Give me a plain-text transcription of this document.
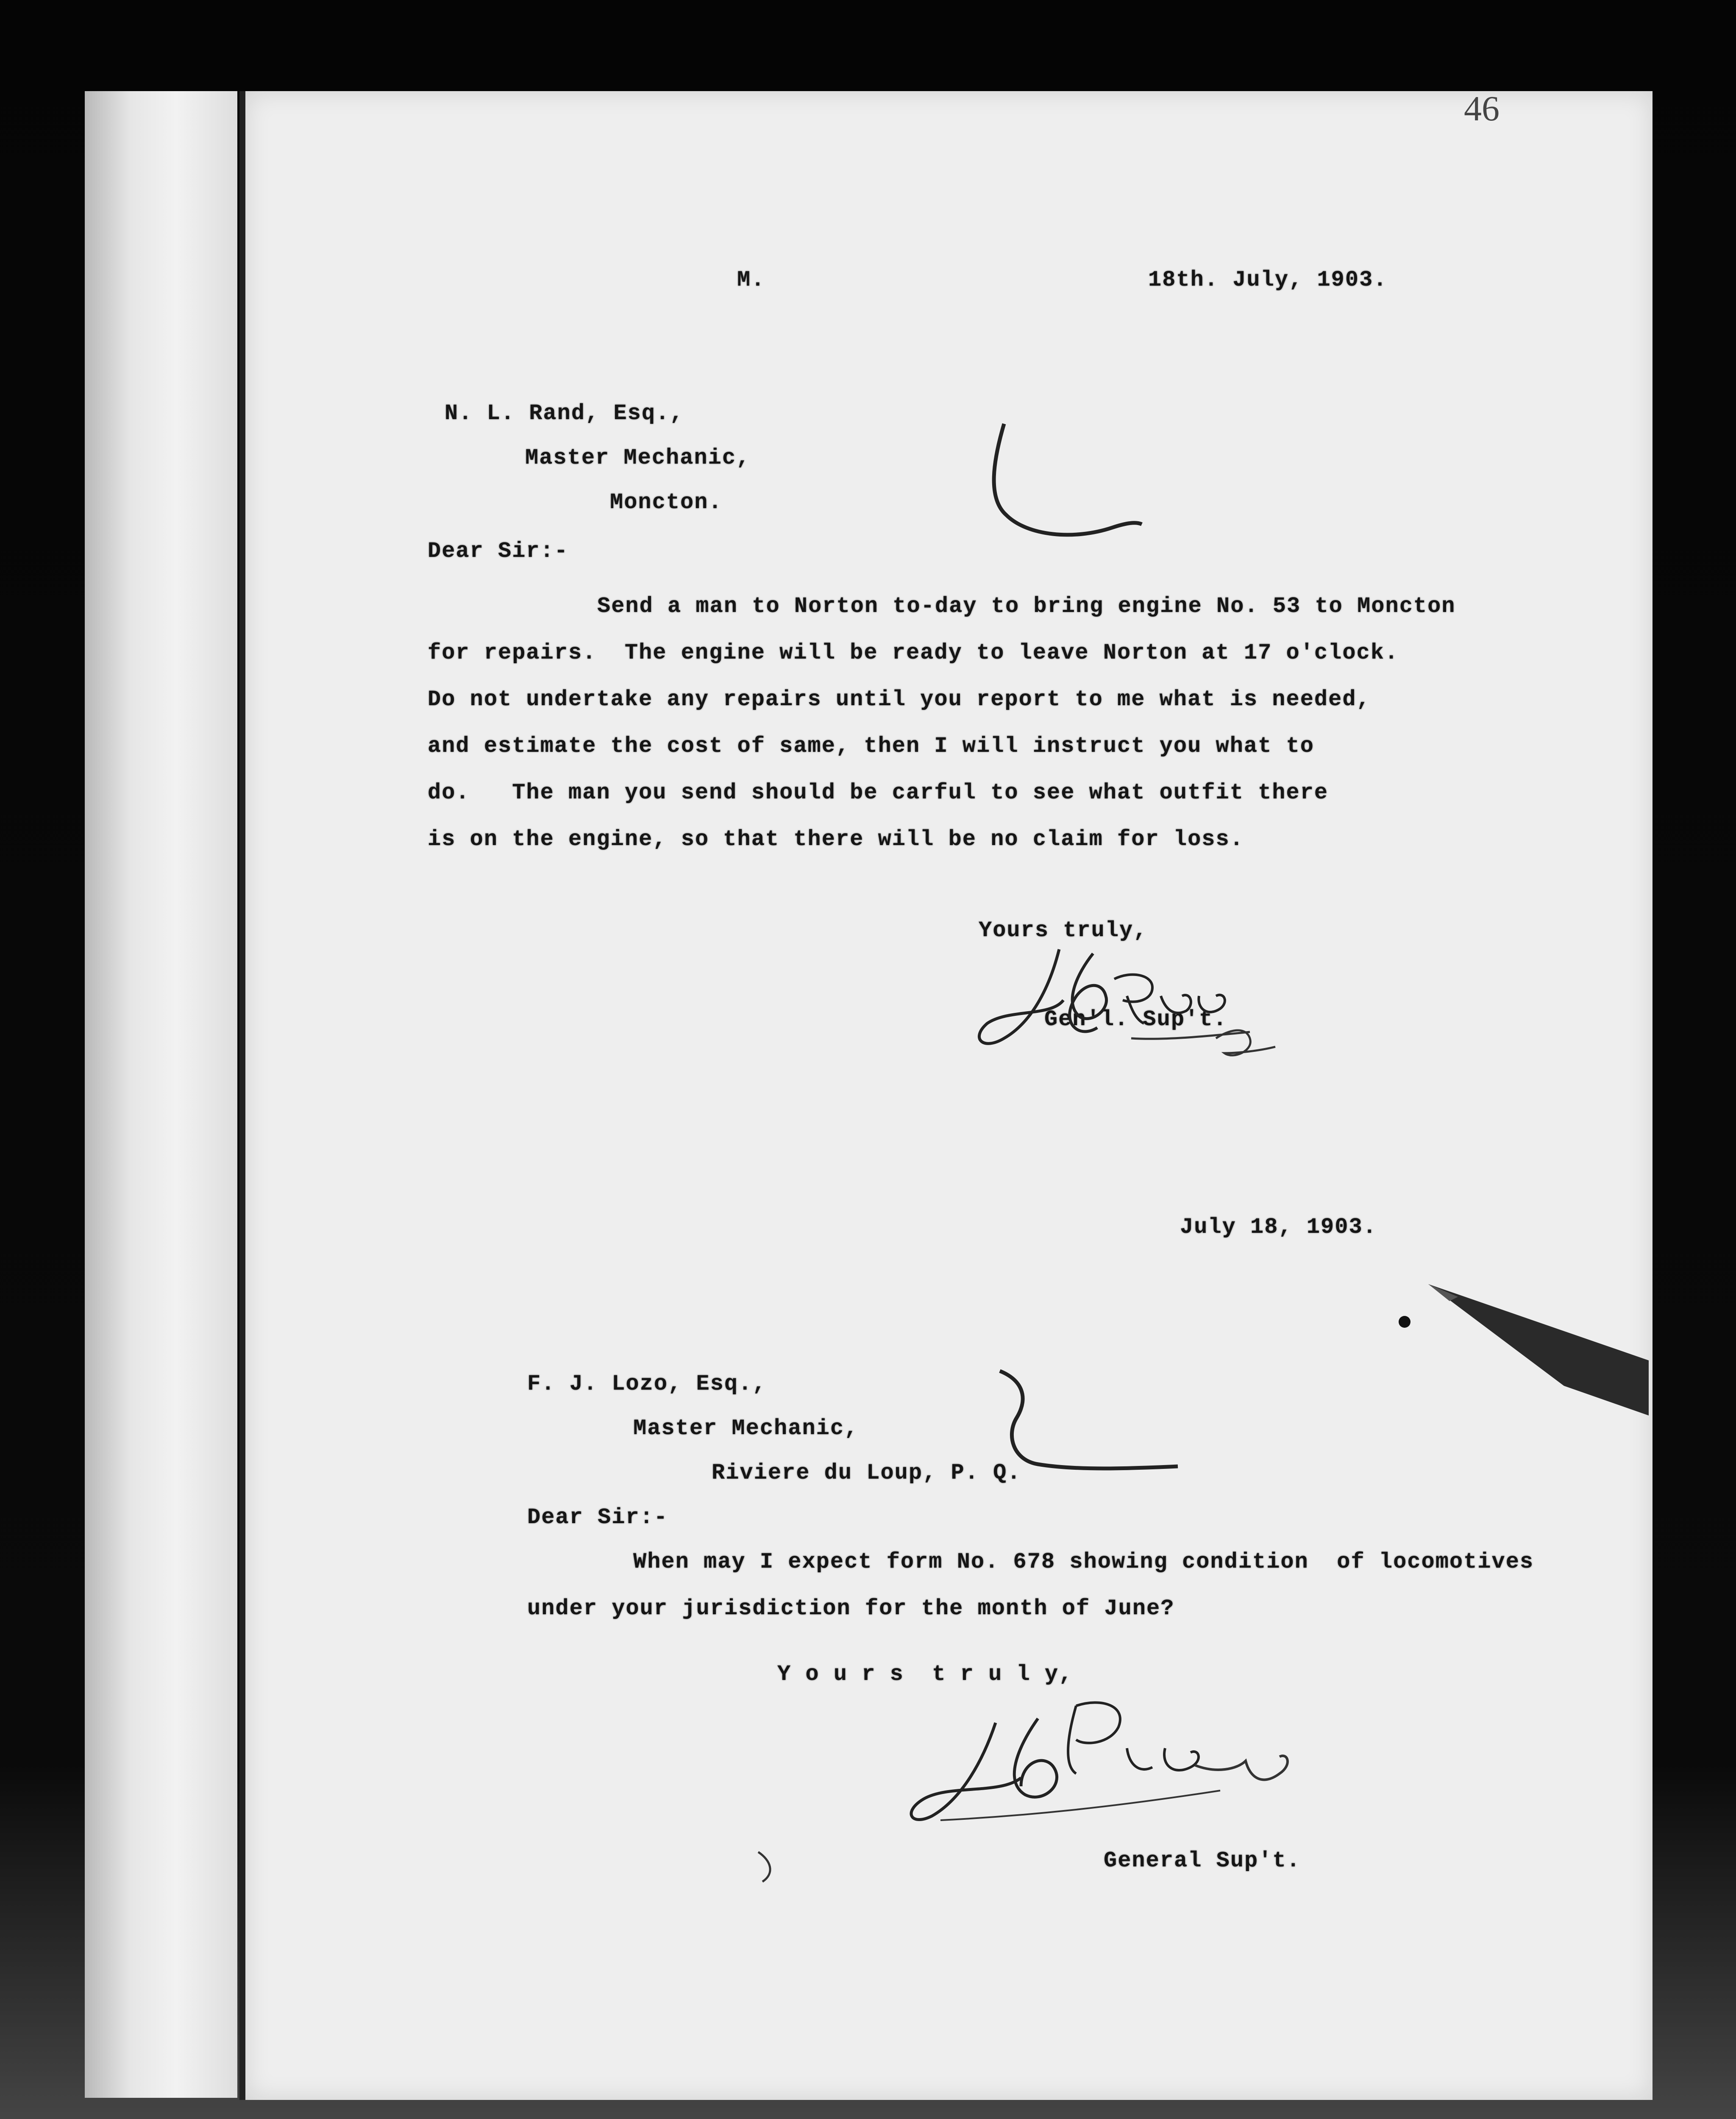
46
M.	18th. July, 1903.
N. L. Rand, Esq.,
Master Mechanic,
Moncton.
Dear Sir:-
Send a man to Norton to-day to bring engine No. 53 to Moncton
for repairs.  The engine will be ready to leave Norton at 17 o'clock.
Do not undertake any repairs until you report to me what is needed,
and estimate the cost of same, then I will instruct you what to
do.   The man you send should be carful to see what outfit there
is on the engine, so that there will be no claim for loss.
Yours truly,
Gen'l. Sup't.
July 18, 1903.
F. J. Lozo, Esq.,
Master Mechanic,
Riviere du Loup, P. Q.
Dear Sir:-
When may I expect form No. 678 showing condition  of locomotives
under your jurisdiction for the month of June?
Y o u r s  t r u l y,
General Sup't.
